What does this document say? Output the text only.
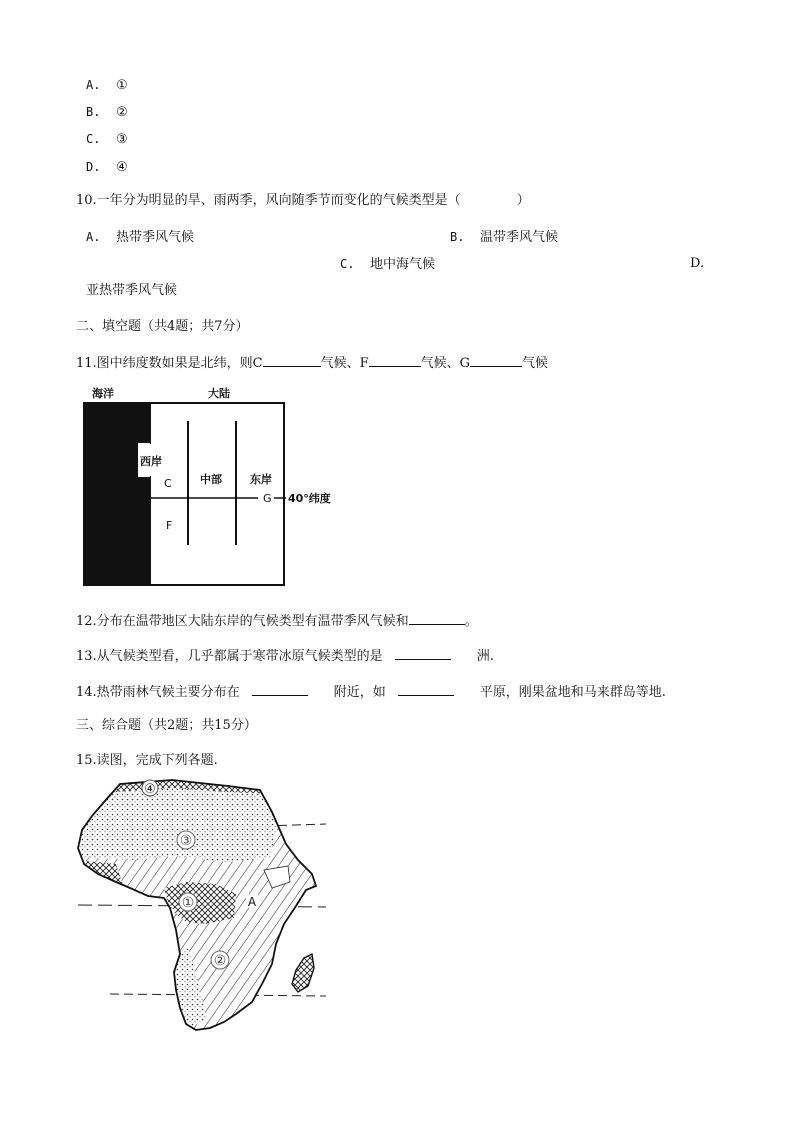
A. ①
B. ②
C. ③
D. ④
10.一年分为明显的旱、雨两季，风向随季节而变化的气候类型是（	）
A. 热带季风气候	B. 温带季风气候
C. 地中海气候	D.
亚热带季风气候
二、填空题（共4题；共7分）
11.图中纬度数如果是北纬，则C	气候、F	气候、G	气候
海洋	大陆
西岸
C	中部	东岸
G 40°纬度
F
12.分布在温带地区大陆东岸的气候类型有温带季风气候和	。
13.从气候类型看，几乎都属于寒带冰原气候类型的是	洲.
14.热带雨林气候主要分布在	附近，如	平原，刚果盆地和马来群岛等地.
三、综合题（共2题；共15分）
15.读图，完成下列各题.
④
③
①
②
A
